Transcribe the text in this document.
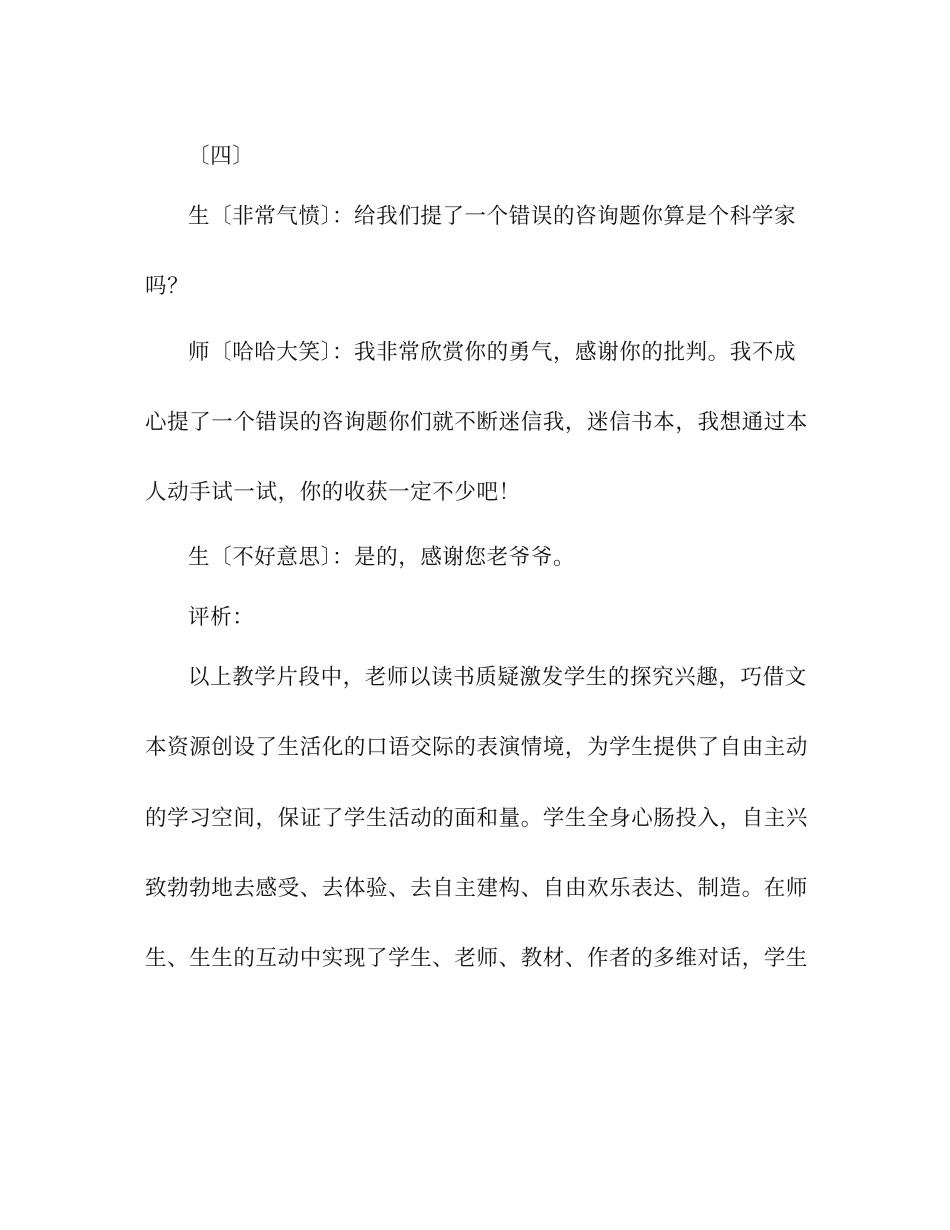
〔四〕
生〔非常气愤〕：给我们提了一个错误的咨询题你算是个科学家
吗？
师〔哈哈大笑〕：我非常欣赏你的勇气，感谢你的批判。我不成
心提了一个错误的咨询题你们就不断迷信我，迷信书本，我想通过本
人动手试一试，你的收获一定不少吧！
生〔不好意思〕：是的，感谢您老爷爷。
评析：
以上教学片段中，老师以读书质疑激发学生的探究兴趣，巧借文
本资源创设了生活化的口语交际的表演情境，为学生提供了自由主动
的学习空间，保证了学生活动的面和量。学生全身心肠投入，自主兴
致勃勃地去感受、去体验、去自主建构、自由欢乐表达、制造。在师
生、生生的互动中实现了学生、老师、教材、作者的多维对话，学生
